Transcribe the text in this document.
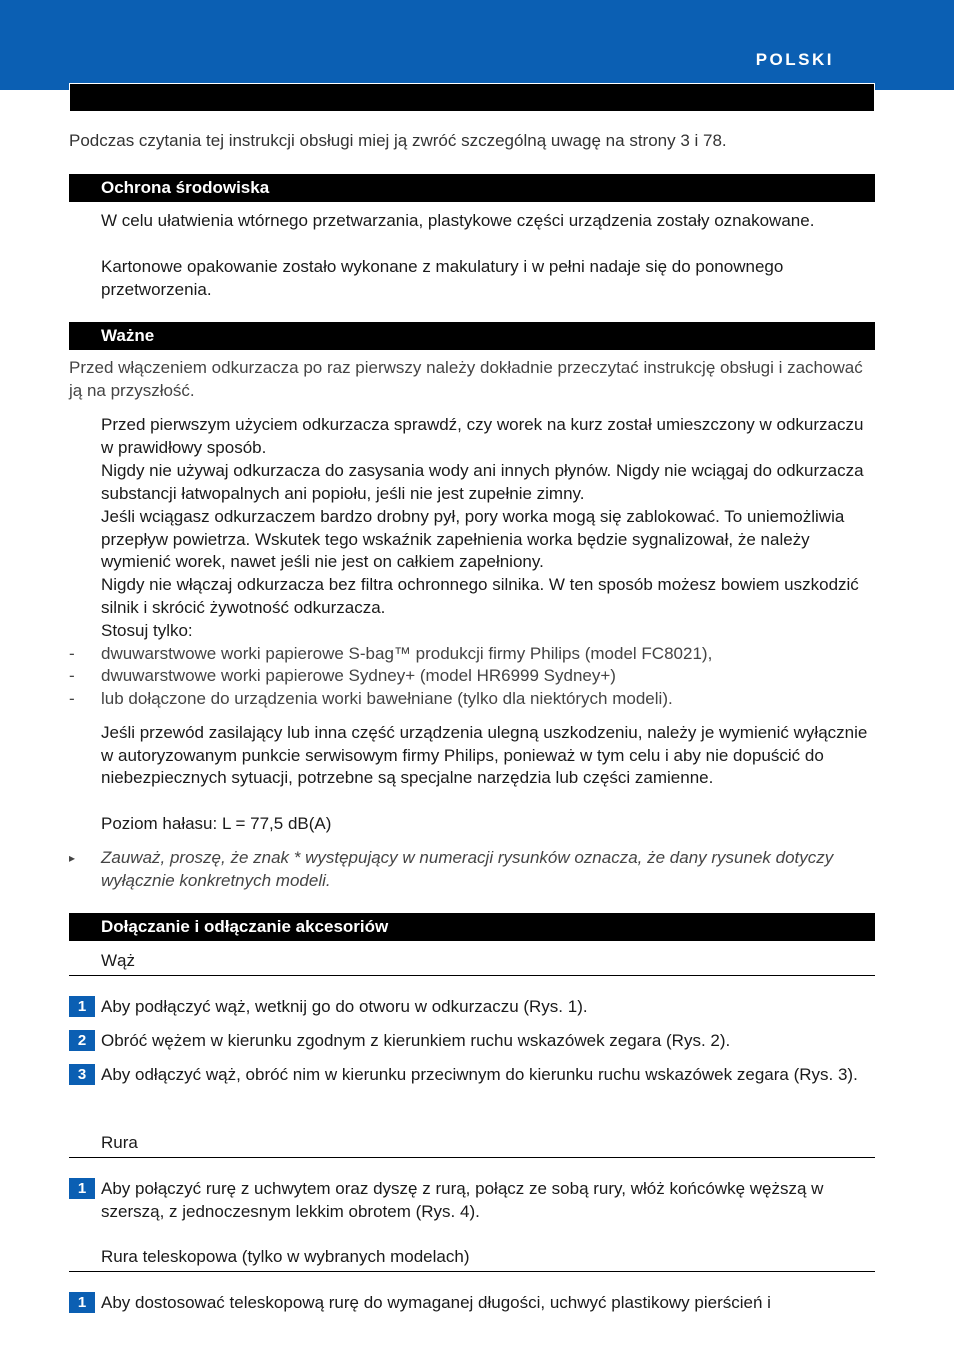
POLSKI

Podczas czytania tej instrukcji obsługi miej ją zwróć szczególną uwagę na strony 3 i 78.

Ochrona środowiska

W celu ułatwienia wtórnego przetwarzania, plastykowe części urządzenia zostały oznakowane.

Kartonowe opakowanie zostało wykonane z makulatury i w pełni nadaje się do ponownego przetworzenia.

Ważne

Przed włączeniem odkurzacza po raz pierwszy należy dokładnie przeczytać instrukcję obsługi i zachować ją na przyszłość.

Przed pierwszym użyciem odkurzacza sprawdź, czy worek na kurz został umieszczony w odkurzaczu w prawidłowy sposób.

Nigdy nie używaj odkurzacza do zasysania wody ani innych płynów. Nigdy nie wciągaj do odkurzacza substancji łatwopalnych ani popiołu, jeśli nie jest zupełnie zimny.

Jeśli wciągasz odkurzaczem bardzo drobny pył, pory worka mogą się zablokować. To uniemożliwia przepływ powietrza. Wskutek tego wskaźnik zapełnienia worka będzie sygnalizował, że należy wymienić worek, nawet jeśli nie jest on całkiem zapełniony.

Nigdy nie włączaj odkurzacza bez filtra ochronnego silnika. W ten sposób możesz bowiem uszkodzić silnik i skrócić żywotność odkurzacza.

Stosuj tylko:

- dwuwarstwowe worki papierowe S-bag™ produkcji firmy Philips (model FC8021),
- dwuwarstwowe worki papierowe Sydney+ (model HR6999 Sydney+)
- lub dołączone do urządzenia worki bawełniane (tylko dla niektórych modeli).

Jeśli przewód zasilający lub inna część urządzenia ulegną uszkodzeniu, należy je wymienić wyłącznie w autoryzowanym punkcie serwisowym firmy Philips, ponieważ w tym celu i aby nie dopuścić do niebezpiecznych sytuacji, potrzebne są specjalne narzędzia lub części zamienne.

Poziom hałasu: L = 77,5 dB(A)

▸ Zauważ, proszę, że znak * występujący w numeracji rysunków oznacza, że dany rysunek dotyczy wyłącznie konkretnych modeli.
Dołączanie i odłączanie akcesoriów
Wąż
1 Aby podłączyć wąż, wetknij go do otworu w odkurzaczu (Rys. 1).
2 Obróć wężem w kierunku zgodnym z kierunkiem ruchu wskazówek zegara (Rys. 2).
3 Aby odłączyć wąż, obróć nim w kierunku przeciwnym do kierunku ruchu wskazówek zegara (Rys. 3).
Rura
1 Aby połączyć rurę z uchwytem oraz dyszę z rurą, połącz ze sobą rury, włóż końcówkę węższą w szerszą, z jednoczesnym lekkim obrotem (Rys. 4).
Rura teleskopowa (tylko w wybranych modelach)
1 Aby dostosować teleskopową rurę do wymaganej długości, uchwyć plastikowy pierścień i
